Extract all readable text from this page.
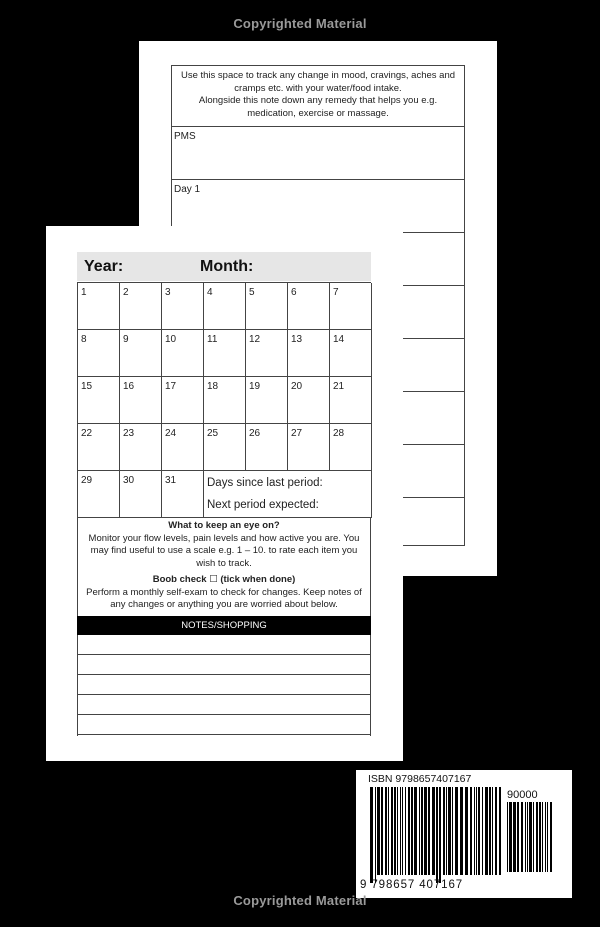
Copyrighted Material
Use this space to track any change in mood, cravings, aches and
cramps etc. with your water/food intake.
Alongside this note down any remedy that helps you e.g.
medication, exercise or massage.
PMS
Day 1
Year:	Month:
Days since last period:
Next period expected:
1	2	3	4	5	6	7
8	9	10	11	12	13	14
15	16	17	18	19	20	21
22	23	24	25	26	27	28
29	30	31
What to keep an eye on?
Monitor your flow levels, pain levels and how active you are. You
may find useful to use a scale e.g. 1 – 10. to rate each item you
wish to track.
Boob check ☐ (tick when done)
Perform a monthly self-exam to check for changes. Keep notes of
any changes or anything you are worried about below.
NOTES/SHOPPING
ISBN 9798657407167
90000
9 798657 407167
Copyrighted Material
